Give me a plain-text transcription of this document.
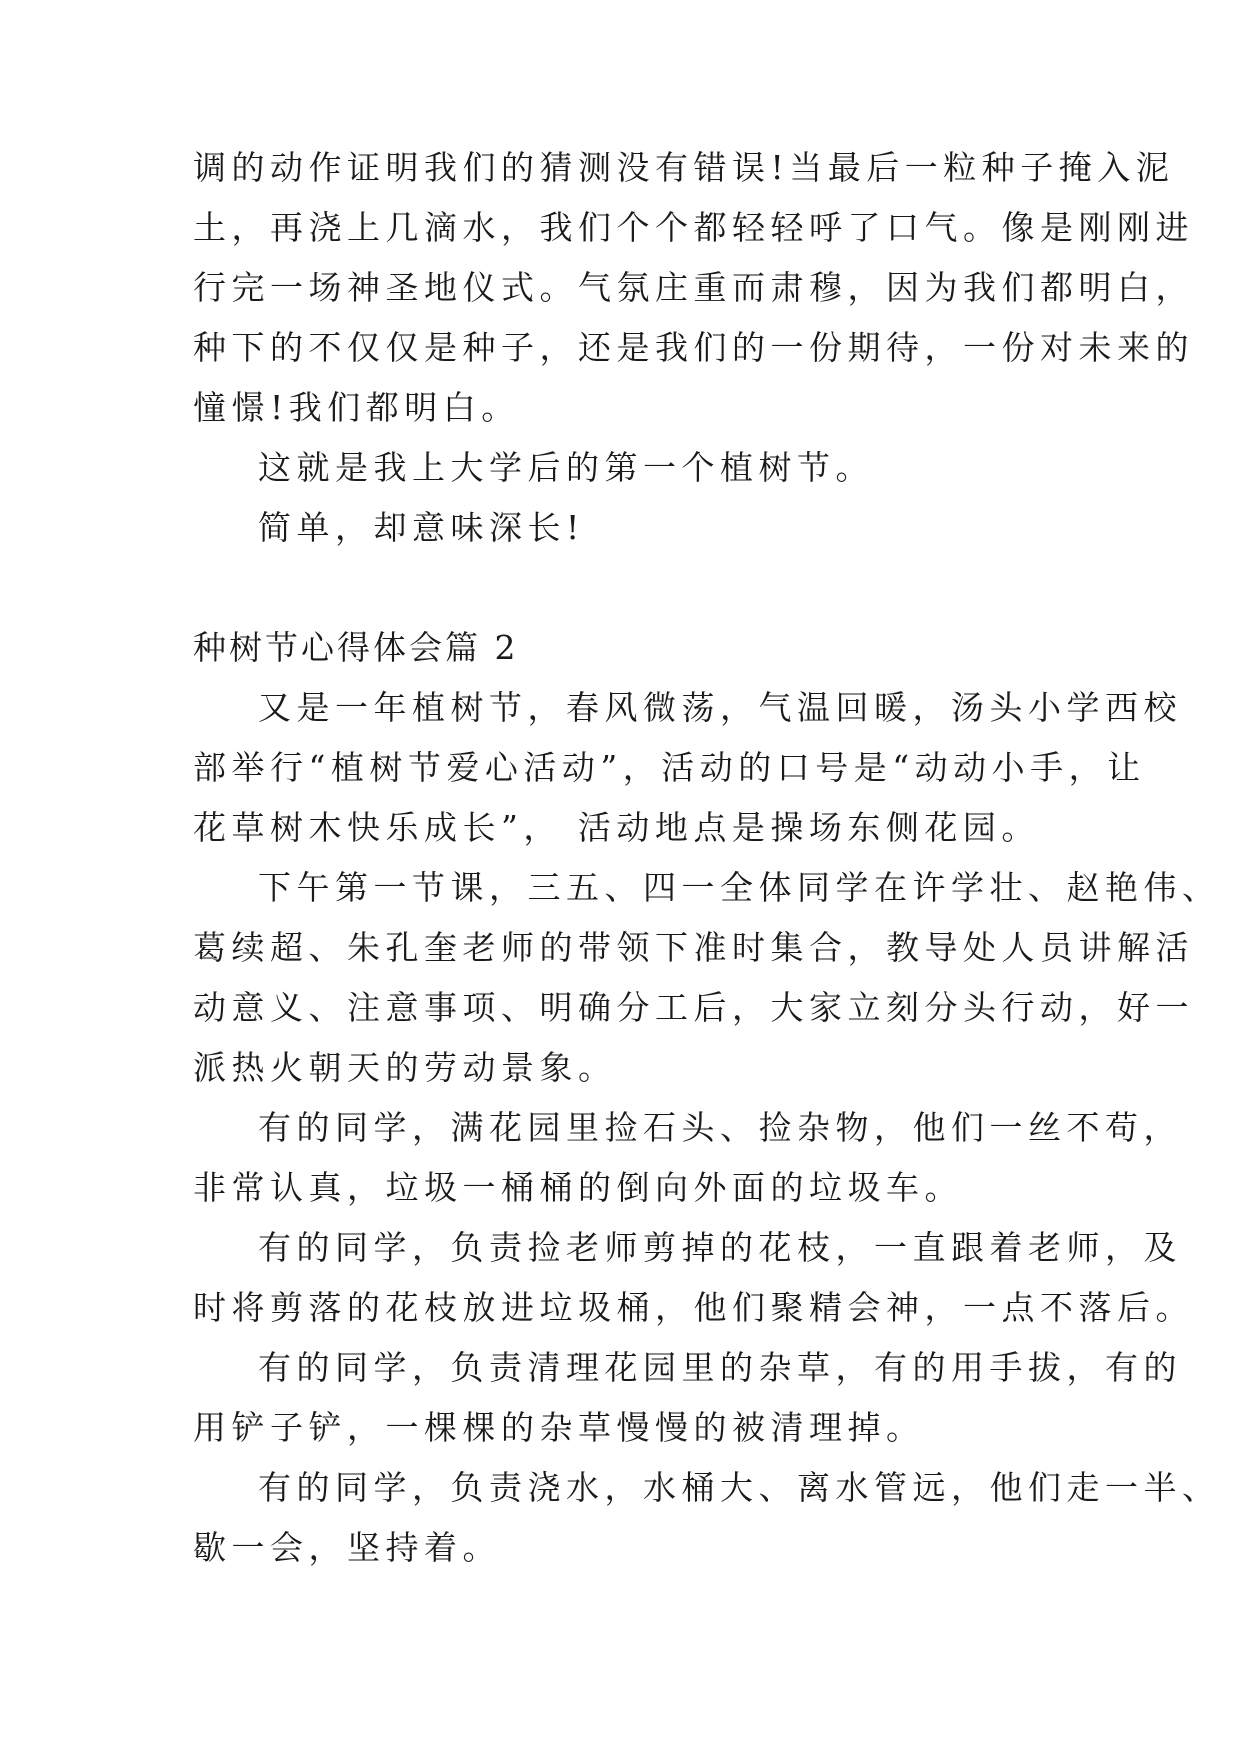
调的动作证明我们的猜测没有错误!当最后一粒种子掩入泥
土，再浇上几滴水，我们个个都轻轻呼了口气。像是刚刚进
行完一场神圣地仪式。气氛庄重而肃穆，因为我们都明白，
种下的不仅仅是种子，还是我们的一份期待，一份对未来的
憧憬!我们都明白。
这就是我上大学后的第一个植树节。
简单，却意味深长!
种树节心得体会篇 2
又是一年植树节，春风微荡，气温回暖，汤头小学西校
部举行“植树节爱心活动”，活动的口号是“动动小手，让
花草树木快乐成长”， 活动地点是操场东侧花园。
下午第一节课，三五、四一全体同学在许学壮、赵艳伟、
葛续超、朱孔奎老师的带领下准时集合，教导处人员讲解活
动意义、注意事项、明确分工后，大家立刻分头行动，好一
派热火朝天的劳动景象。
有的同学，满花园里捡石头、捡杂物，他们一丝不苟，
非常认真，垃圾一桶桶的倒向外面的垃圾车。
有的同学，负责捡老师剪掉的花枝，一直跟着老师，及
时将剪落的花枝放进垃圾桶，他们聚精会神，一点不落后。
有的同学，负责清理花园里的杂草，有的用手拔，有的
用铲子铲，一棵棵的杂草慢慢的被清理掉。
有的同学，负责浇水，水桶大、离水管远，他们走一半、
歇一会，坚持着。
